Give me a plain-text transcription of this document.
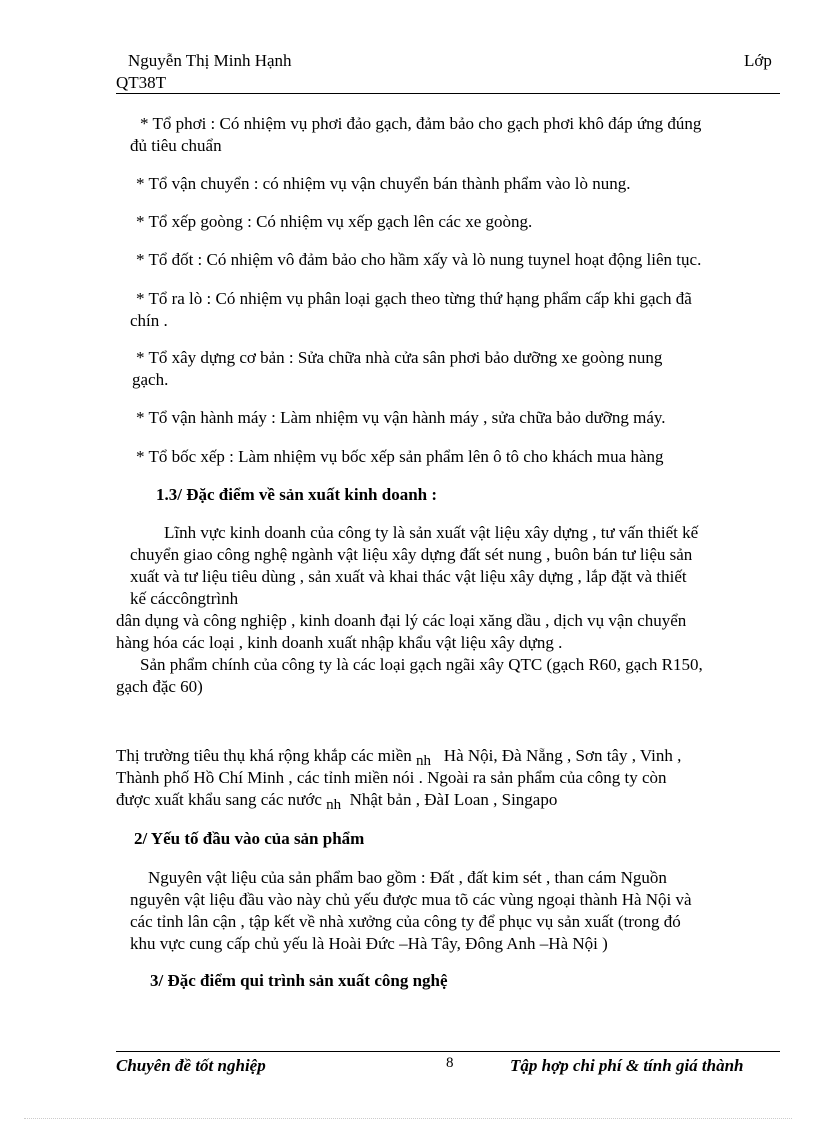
Nguyễn Thị Minh Hạnh	Lớp
QT38T
* Tổ phơi : Có nhiệm vụ phơi đảo gạch, đảm bảo cho gạch phơi khô đáp ứng đúng
đủ tiêu chuẩn
* Tổ vận chuyển : có nhiệm vụ vận chuyển bán thành phẩm vào lò nung.
* Tổ xếp goòng : Có nhiệm vụ xếp gạch lên các xe goòng.
* Tổ đốt : Có nhiệm vô đảm bảo cho hầm xấy và lò nung tuynel hoạt động liên tục.
* Tổ ra lò : Có nhiệm vụ phân loại gạch theo từng thứ hạng phẩm cấp khi gạch đã
chín .
* Tổ xây dựng cơ bản : Sửa chữa nhà cửa sân phơi bảo dưỡng xe goòng nung
gạch.
* Tổ vận hành máy : Làm nhiệm vụ vận hành máy , sửa chữa bảo dưỡng máy.
* Tổ bốc xếp : Làm nhiệm vụ bốc xếp sản phẩm lên ô tô cho khách mua hàng
1.3/ Đặc điểm về sản xuất kinh doanh :
Lĩnh vực kinh doanh của công ty là sản xuất vật liệu xây dựng , tư vấn thiết kế
chuyển giao công nghệ ngành vật liệu xây dựng đất sét nung , buôn bán tư liệu sản
xuất và tư liệu tiêu dùng , sản xuất và khai thác vật liệu xây dựng , lắp đặt và thiết
kế cáccôngtrình
dân dụng và công nghiệp , kinh doanh đại lý các loại xăng dầu , dịch vụ vận chuyển
hàng hóa các loại , kinh doanh xuất nhập khẩu vật liệu xây dựng .
Sản phẩm chính của công ty là các loại gạch ngãi xây QTC (gạch R60, gạch R150,
gạch đặc 60)
Thị trường tiêu thụ khá rộng khắp các miền nh Hà Nội, Đà Nẵng , Sơn tây , Vinh ,
Thành phố Hồ Chí Minh , các tỉnh miền nói . Ngoài ra sản phẩm của công ty còn
được xuất khẩu sang các nước nh Nhật bản , ĐàI Loan , Singapo
2/ Yếu tố đầu vào của sản phẩm
Nguyên vật liệu của sản phẩm bao gồm : Đất , đất kim sét , than cám Nguồn
nguyên vật liệu đầu vào này chủ yếu được mua tõ các vùng ngoại thành Hà Nội và
các tỉnh lân cận , tập kết về nhà xưởng của công ty để phục vụ sản xuất (trong đó
khu vực cung cấp chủ yếu là Hoài Đức –Hà Tây, Đông Anh –Hà Nội )
3/ Đặc điểm qui trình sản xuất công nghệ
Chuyên đề tốt nghiệp	8	Tập hợp chi phí & tính giá thành
